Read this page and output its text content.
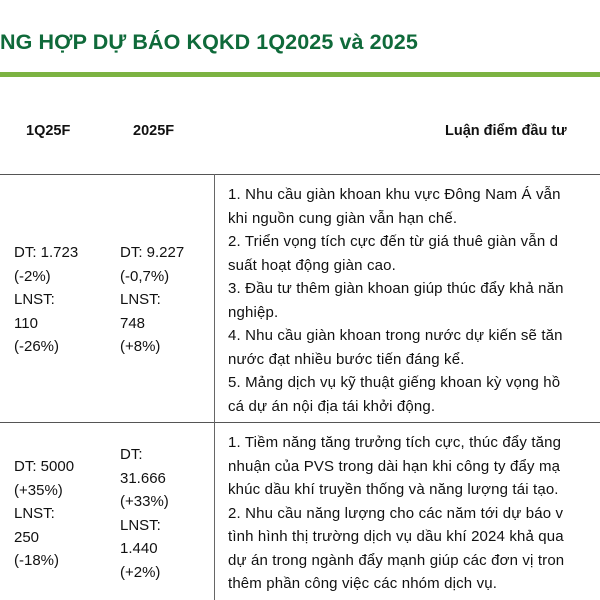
NG HỢP DỰ BÁO KQKD 1Q2025 và 2025
1Q25F	2025F	Luận điểm đầu tư
DT: 1.723
(-2%)
LNST:
110
(-26%)
DT: 9.227
(-0,7%)
LNST:
748
(+8%)
1. Nhu cầu giàn khoan khu vực Đông Nam Á vẫn
khi nguồn cung giàn vẫn hạn chế.
2. Triển vọng tích cực đến từ giá thuê giàn vẫn d
suất hoạt động giàn cao.
3. Đầu tư thêm giàn khoan giúp thúc đẩy khả năn
nghiệp.
4. Nhu cầu giàn khoan trong nước dự kiến sẽ tăn
nước đạt nhiều bước tiến đáng kể.
5. Mảng dịch vụ kỹ thuật giếng khoan kỳ vọng hồ
cá dự án nội địa tái khởi động.
DT: 5000
(+35%)
LNST:
250
(-18%)
DT:
31.666
(+33%)
LNST:
1.440
(+2%)
1. Tiềm năng tăng trưởng tích cực, thúc đẩy tăng
nhuận của PVS trong dài hạn khi công ty đẩy mạ
khúc dầu khí truyền thống và năng lượng tái tạo.
2. Nhu cầu năng lượng cho các năm tới dự báo v
tình hình thị trường dịch vụ dầu khí 2024 khả qua
dự án trong ngành đẩy mạnh giúp các đơn vị tron
thêm phần công việc các nhóm dịch vụ.
